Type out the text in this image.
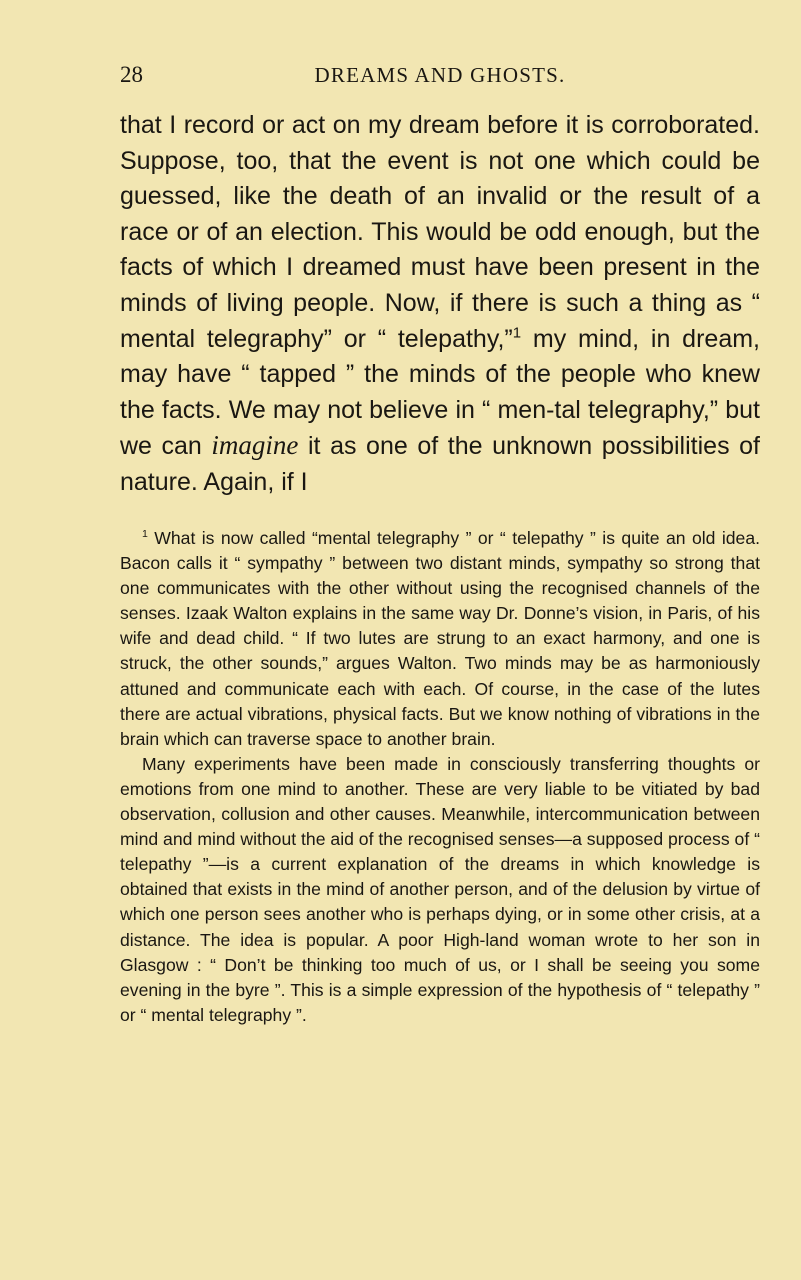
28	DREAMS AND GHOSTS.

that I record or act on my dream before it is corroborated. Suppose, too, that the event is not one which could be guessed, like the death of an invalid or the result of a race or of an election. This would be odd enough, but the facts of which I dreamed must have been present in the minds of living people. Now, if there is such a thing as “ mental telegraphy” or “ telepathy,”$^1$ my mind, in dream, may have “ tapped ” the minds of the people who knew the facts. We may not believe in “ men-tal telegraphy,” but we can imagine it as one of the unknown possibilities of nature. Again, if I

$^1$ What is now called “mental telegraphy ” or “ telepathy ” is quite an old idea. Bacon calls it “ sympathy ” between two distant minds, sympathy so strong that one communicates with the other without using the recognised channels of the senses. Izaak Walton explains in the same way Dr. Donne’s vision, in Paris, of his wife and dead child. “ If two lutes are strung to an exact harmony, and one is struck, the other sounds,” argues Walton. Two minds may be as harmoniously attuned and communicate each with each. Of course, in the case of the lutes there are actual vibrations, physical facts. But we know nothing of vibrations in the brain which can traverse space to another brain.

Many experiments have been made in consciously transferring thoughts or emotions from one mind to another. These are very liable to be vitiated by bad observation, collusion and other causes. Meanwhile, intercommunication between mind and mind without the aid of the recognised senses—a supposed process of “ telepathy ”—is a current explanation of the dreams in which knowledge is obtained that exists in the mind of another person, and of the delusion by virtue of which one person sees another who is perhaps dying, or in some other crisis, at a distance. The idea is popular. A poor High-land woman wrote to her son in Glasgow : “ Don’t be thinking too much of us, or I shall be seeing you some evening in the byre ”. This is a simple expression of the hypothesis of “ telepathy ” or “ mental telegraphy ”.
